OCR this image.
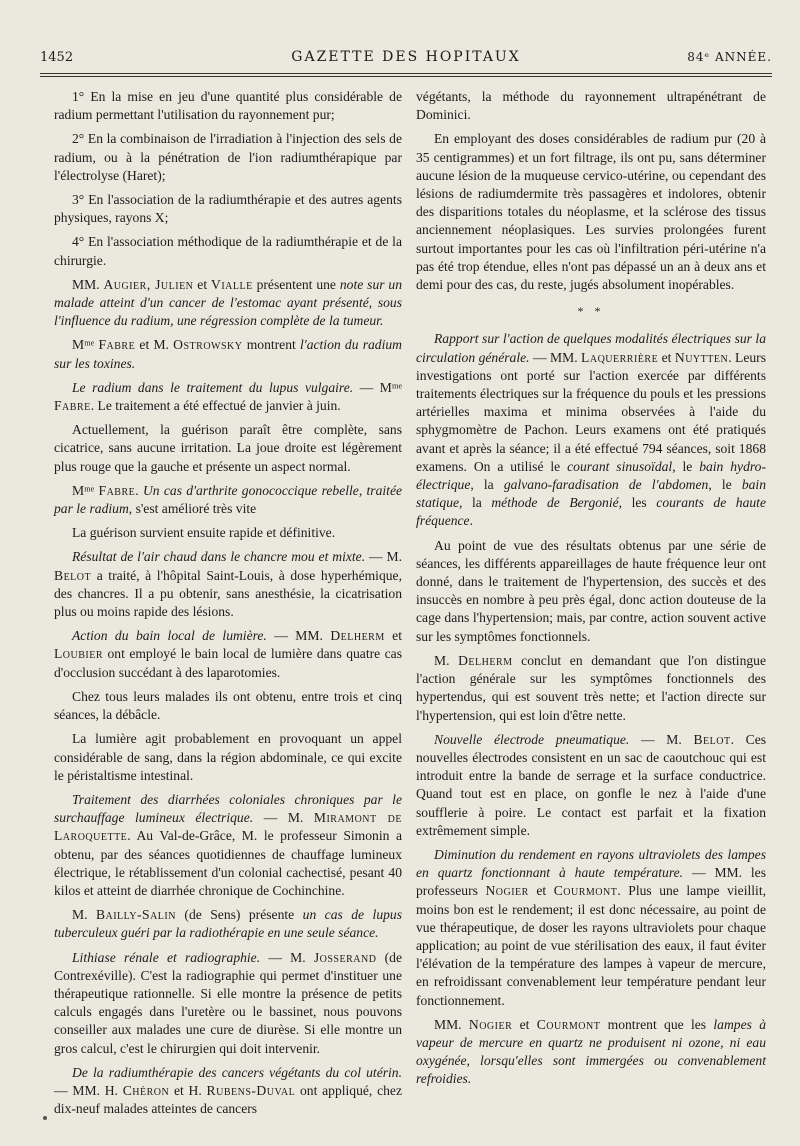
1452	GAZETTE DES HOPITAUX	84ᵉ ANNÉE.

1° En la mise en jeu d'une quantité plus considérable de radium permettant l'utilisation du rayonnement pur;

2° En la combinaison de l'irradiation à l'injection des sels de radium, ou à la pénétration de l'ion radiumthérapique par l'électrolyse (Haret);

3° En l'association de la radiumthérapie et des autres agents physiques, rayons X;

4° En l'association méthodique de la radiumthérapie et de la chirurgie.

MM. Augier, Julien et Vialle présentent une note sur un malade atteint d'un cancer de l'estomac ayant présenté, sous l'influence du radium, une régression complète de la tumeur.

Mᵐᵉ Fabre et M. Ostrowsky montrent l'action du radium sur les toxines.

Le radium dans le traitement du lupus vulgaire. — Mᵐᵉ Fabre. Le traitement a été effectué de janvier à juin.

Actuellement, la guérison paraît être complète, sans cicatrice, sans aucune irritation. La joue droite est légèrement plus rouge que la gauche et présente un aspect normal.

Mᵐᵉ Fabre. Un cas d'arthrite gonococcique rebelle, traitée par le radium, s'est amélioré très vite

La guérison survient ensuite rapide et définitive.

Résultat de l'air chaud dans le chancre mou et mixte. — M. Belot a traité, à l'hôpital Saint-Louis, à dose hyperhémique, des chancres. Il a pu obtenir, sans anesthésie, la cicatrisation plus ou moins rapide des lésions.

Action du bain local de lumière. — MM. Delherm et Loubier ont employé le bain local de lumière dans quatre cas d'occlusion succédant à des laparotomies.

Chez tous leurs malades ils ont obtenu, entre trois et cinq séances, la débâcle.

La lumière agit probablement en provoquant un appel considérable de sang, dans la région abdominale, ce qui excite le péristaltisme intestinal.

Traitement des diarrhées coloniales chroniques par le surchauffage lumineux électrique. — M. Miramont de Laroquette. Au Val-de-Grâce, M. le professeur Simonin a obtenu, par des séances quotidiennes de chauffage lumineux électrique, le rétablissement d'un colonial cachectisé, pesant 40 kilos et atteint de diarrhée chronique de Cochinchine.

M. Bailly-Salin (de Sens) présente un cas de lupus tuberculeux guéri par la radiothérapie en une seule séance.

Lithiase rénale et radiographie. — M. Josserand (de Contrexéville). C'est la radiographie qui permet d'instituer une thérapeutique rationnelle. Si elle montre la présence de petits calculs engagés dans l'uretère ou le bassinet, nous pouvons conseiller aux malades une cure de diurèse. Si elle montre un gros calcul, c'est le chirurgien qui doit intervenir.

De la radiumthérapie des cancers végétants du col utérin. — MM. H. Chéron et H. Rubens-Duval ont appliqué, chez dix-neuf malades atteintes de cancers

végétants, la méthode du rayonnement ultrapénétrant de Dominici.

En employant des doses considérables de radium pur (20 à 35 centigrammes) et un fort filtrage, ils ont pu, sans déterminer aucune lésion de la muqueuse cervico-utérine, ou cependant des lésions de radiumdermite très passagères et indolores, obtenir des disparitions totales du néoplasme, et la sclérose des tissus anciennement néoplasiques. Les survies prolongées furent surtout importantes pour les cas où l'infiltration péri-utérine n'a pas été trop étendue, elles n'ont pas dépassé un an à deux ans et demi pour des cas, du reste, jugés absolument inopérables.

* *

Rapport sur l'action de quelques modalités électriques sur la circulation générale. — MM. Laquerrière et Nuytten. Leurs investigations ont porté sur l'action exercée par différents traitements électriques sur la fréquence du pouls et les pressions artérielles maxima et minima observées à l'aide du sphygmomètre de Pachon. Leurs examens ont été pratiqués avant et après la séance; il a été effectué 794 séances, soit 1868 examens. On a utilisé le courant sinusoïdal, le bain hydro-électrique, la galvano-faradisation de l'abdomen, le bain statique, la méthode de Bergonié, les courants de haute fréquence.

Au point de vue des résultats obtenus par une série de séances, les différents appareillages de haute fréquence leur ont donné, dans le traitement de l'hypertension, des succès et des insuccès en nombre à peu près égal, donc action douteuse de la cage dans l'hypertension; mais, par contre, action souvent active sur les symptômes fonctionnels.

M. Delherm conclut en demandant que l'on distingue l'action générale sur les symptômes fonctionnels des hypertendus, qui est souvent très nette; et l'action directe sur l'hypertension, qui est loin d'être nette.

Nouvelle électrode pneumatique. — M. Belot. Ces nouvelles électrodes consistent en un sac de caoutchouc qui est introduit entre la bande de serrage et la surface conductrice. Quand tout est en place, on gonfle le nez à l'aide d'une soufflerie à poire. Le contact est parfait et la fixation extrêmement simple.

Diminution du rendement en rayons ultraviolets des lampes en quartz fonctionnant à haute température. — MM. les professeurs Nogier et Courmont. Plus une lampe vieillit, moins bon est le rendement; il est donc nécessaire, au point de vue thérapeutique, de doser les rayons ultraviolets pour chaque application; au point de vue stérilisation des eaux, il faut éviter l'élévation de la température des lampes à vapeur de mercure, en refroidissant convenablement leur température pendant leur fonctionnement.

MM. Nogier et Courmont montrent que les lampes à vapeur de mercure en quartz ne produisent ni ozone, ni eau oxygénée, lorsqu'elles sont immergées ou convenablement refroidies.
